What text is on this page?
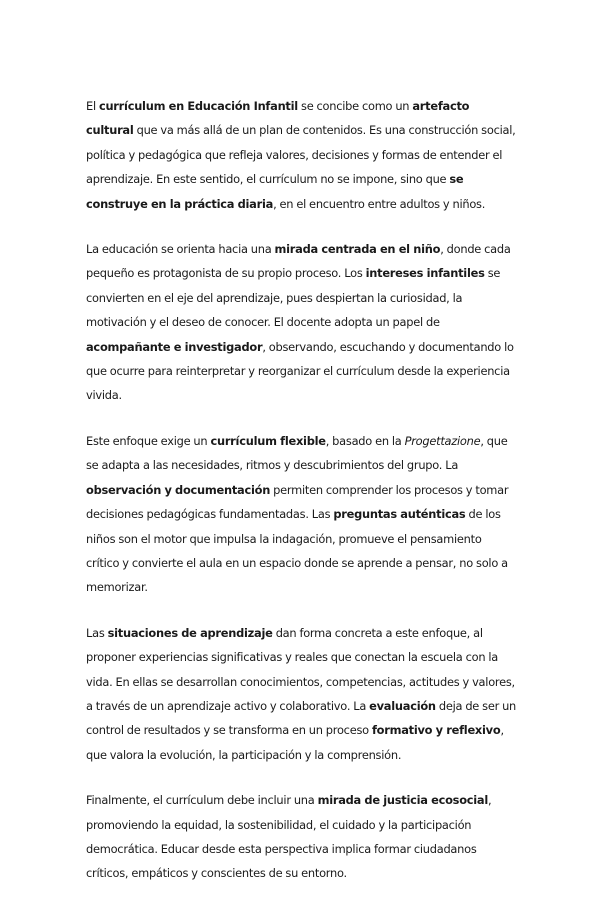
El currículum en Educación Infantil se concibe como un artefacto cultural que va más allá de un plan de contenidos. Es una construcción social, política y pedagógica que refleja valores, decisiones y formas de entender el aprendizaje. En este sentido, el currículum no se impone, sino que se construye en la práctica diaria, en el encuentro entre adultos y niños.

La educación se orienta hacia una mirada centrada en el niño, donde cada pequeño es protagonista de su propio proceso. Los intereses infantiles se convierten en el eje del aprendizaje, pues despiertan la curiosidad, la motivación y el deseo de conocer. El docente adopta un papel de acompañante e investigador, observando, escuchando y documentando lo que ocurre para reinterpretar y reorganizar el currículum desde la experiencia vivida.

Este enfoque exige un currículum flexible, basado en la Progettazione, que se adapta a las necesidades, ritmos y descubrimientos del grupo. La observación y documentación permiten comprender los procesos y tomar decisiones pedagógicas fundamentadas. Las preguntas auténticas de los niños son el motor que impulsa la indagación, promueve el pensamiento crítico y convierte el aula en un espacio donde se aprende a pensar, no solo a memorizar.

Las situaciones de aprendizaje dan forma concreta a este enfoque, al proponer experiencias significativas y reales que conectan la escuela con la vida. En ellas se desarrollan conocimientos, competencias, actitudes y valores, a través de un aprendizaje activo y colaborativo. La evaluación deja de ser un control de resultados y se transforma en un proceso formativo y reflexivo, que valora la evolución, la participación y la comprensión.

Finalmente, el currículum debe incluir una mirada de justicia ecosocial, promoviendo la equidad, la sostenibilidad, el cuidado y la participación democrática. Educar desde esta perspectiva implica formar ciudadanos críticos, empáticos y conscientes de su entorno.
